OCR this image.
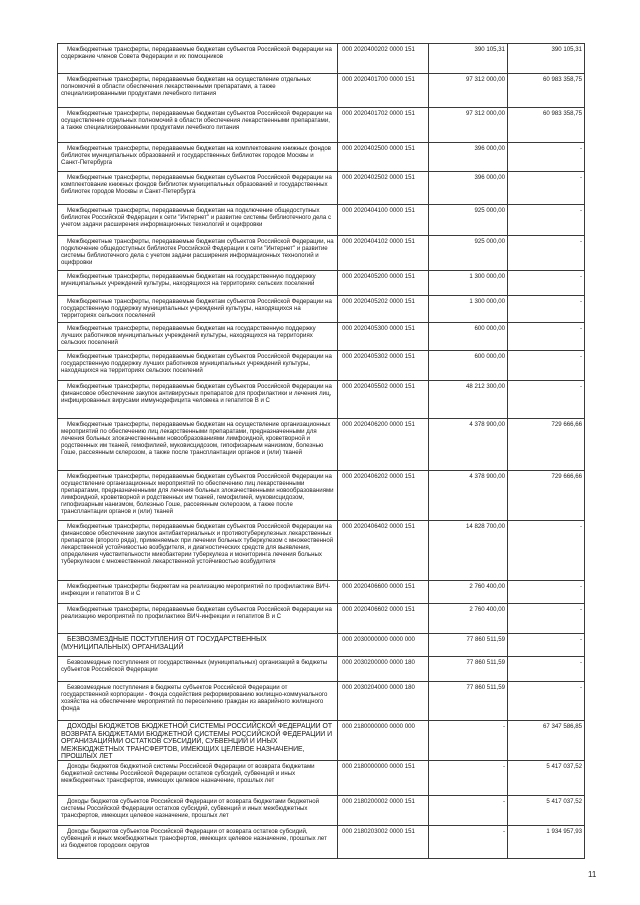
Межбюджетные трансферты, передаваемые бюджетам субъектов Российской Федерации на содержание членов Совета Федерации и их помощников	000 2020400202 0000 151	390 105,31	390 105,31

Межбюджетные трансферты, передаваемые бюджетам на осуществление отдельных полномочий в области обеспечения лекарственными препаратами, а также специализированными продуктами лечебного питания	000 2020401700 0000 151	97 312 000,00	60 983 358,75

Межбюджетные трансферты, передаваемые бюджетам субъектов Российской Федерации на осуществление отдельных полномочий в области обеспечения лекарственными препаратами, а также специализированными продуктами лечебного питания	000 2020401702 0000 151	97 312 000,00	60 983 358,75

Межбюджетные трансферты, передаваемые бюджетам на комплектование книжных фондов библиотек муниципальных образований и государственных библиотек городов Москвы и Санкт-Петербурга	000 2020402500 0000 151	396 000,00	-

Межбюджетные трансферты, передаваемые бюджетам субъектов Российской Федерации на комплектование книжных фондов библиотек муниципальных образований и государственных библиотек городов Москвы и Санкт-Петербурга	000 2020402502 0000 151	396 000,00	-

Межбюджетные трансферты, передаваемые бюджетам на подключение общедоступных библиотек Российской Федерации к сети "Интернет" и развитие системы библиотечного дела с учетом задачи расширения информационных технологий и оцифровки	000 2020404100 0000 151	925 000,00	-

Межбюджетные трансферты, передаваемые бюджетам субъектов Российской Федерации, на подключение общедоступных библиотек Российской Федерации к сети "Интернет" и развитие системы библиотечного дела с учетом задачи расширения информационных технологий и оцифровки	000 2020404102 0000 151	925 000,00	-

Межбюджетные трансферты, передаваемые бюджетам на государственную поддержку муниципальных учреждений культуры, находящихся на территориях сельских поселений	000 2020405200 0000 151	1 300 000,00	-

Межбюджетные трансферты, передаваемые бюджетам субъектов Российской Федерации на государственную поддержку муниципальных учреждений культуры, находящихся на территориях сельских поселений	000 2020405202 0000 151	1 300 000,00	-

Межбюджетные трансферты, передаваемые бюджетам на государственную поддержку лучших работников муниципальных учреждений культуры, находящихся на территориях сельских поселений	000 2020405300 0000 151	600 000,00	-

Межбюджетные трансферты, передаваемые бюджетам субъектов Российской Федерации на государственную поддержку лучших работников муниципальных учреждений культуры, находящихся на территориях сельских поселений	000 2020405302 0000 151	600 000,00	-

Межбюджетные трансферты, передаваемые бюджетам субъектов Российской Федерации на финансовое обеспечение закупок антивирусных препаратов для профилактики и лечения лиц, инфицированных вирусами иммунодефицита человека и гепатитов B и C	000 2020405502 0000 151	48 212 300,00	-

Межбюджетные трансферты, передаваемые бюджетам на осуществление организационных мероприятий по обеспечению лиц лекарственными препаратами, предназначенными для лечения больных злокачественными новообразованиями лимфоидной, кроветворной и родственных им тканей, гемофилией, муковисцидозом, гипофизарным нанизмом, болезнью Гоше, рассеянным склерозом, а также после трансплантации органов и (или) тканей	000 2020406200 0000 151	4 378 900,00	729 666,66

Межбюджетные трансферты, передаваемые бюджетам субъектов Российской Федерации на осуществление организационных мероприятий по обеспечению лиц лекарственными препаратами, предназначенными для лечения больных злокачественными новообразованиями лимфоидной, кроветворной и родственных им тканей, гемофилией, муковисцидозом, гипофизарным нанизмом, болезнью Гоше, рассеянным склерозом, а также после трансплантации органов и (или) тканей	000 2020406202 0000 151	4 378 900,00	729 666,66

Межбюджетные трансферты, передаваемые бюджетам субъектов Российской Федерации на финансовое обеспечение закупок антибактериальных и противотуберкулезных лекарственных препаратов (второго ряда), применяемых при лечении больных туберкулезом с множественной лекарственной устойчивостью возбудителя, и диагностических средств для выявления, определения чувствительности микобактерии туберкулеза и мониторинга лечения больных туберкулезом с множественной лекарственной устойчивостью возбудителя	000 2020406402 0000 151	14 828 700,00	-

Межбюджетные трансферты бюджетам на реализацию мероприятий по профилактике ВИЧ-инфекции и гепатитов B и C	000 2020406600 0000 151	2 760 400,00	-

Межбюджетные трансферты, передаваемые бюджетам субъектов Российской Федерации на реализацию мероприятий по профилактике ВИЧ-инфекции и гепатитов B и C	000 2020406602 0000 151	2 760 400,00	-

БЕЗВОЗМЕЗДНЫЕ ПОСТУПЛЕНИЯ ОТ ГОСУДАРСТВЕННЫХ (МУНИЦИПАЛЬНЫХ) ОРГАНИЗАЦИЙ	000 2030000000 0000 000	77 860 511,59	-

Безвозмездные поступления от государственных (муниципальных) организаций в бюджеты субъектов Российской Федерации	000 2030200000 0000 180	77 860 511,59	-

Безвозмездные поступления в бюджеты субъектов Российской Федерации от государственной корпорации - Фонда содействия реформированию жилищно-коммунального хозяйства на обеспечение мероприятий по переселению граждан из аварийного жилищного фонда	000 2030204000 0000 180	77 860 511,59	-

ДОХОДЫ БЮДЖЕТОВ БЮДЖЕТНОЙ СИСТЕМЫ РОССИЙСКОЙ ФЕДЕРАЦИИ ОТ ВОЗВРАТА БЮДЖЕТАМИ БЮДЖЕТНОЙ СИСТЕМЫ РОССИЙСКОЙ ФЕДЕРАЦИИ И ОРГАНИЗАЦИЯМИ ОСТАТКОВ СУБСИДИЙ, СУБВЕНЦИЙ И ИНЫХ МЕЖБЮДЖЕТНЫХ ТРАНСФЕРТОВ, ИМЕЮЩИХ ЦЕЛЕВОЕ НАЗНАЧЕНИЕ, ПРОШЛЫХ ЛЕТ	000 2180000000 0000 000	-	67 347 586,85

Доходы бюджетов бюджетной системы Российской Федерации от возврата бюджетами бюджетной системы Российской Федерации остатков субсидий, субвенций и иных межбюджетных трансфертов, имеющих целевое назначение, прошлых лет	000 2180000000 0000 151	-	5 417 037,52

Доходы бюджетов субъектов Российской Федерации от возврата бюджетами бюджетной системы Российской Федерации остатков субсидий, субвенций и иных межбюджетных трансфертов, имеющих целевое назначение, прошлых лет	000 2180200002 0000 151	-	5 417 037,52

Доходы бюджетов субъектов Российской Федерации от возврата остатков субсидий, субвенций и иных межбюджетных трансфертов, имеющих целевое назначение, прошлых лет из бюджетов городских округов	000 2180203002 0000 151	-	1 934 957,93
11
